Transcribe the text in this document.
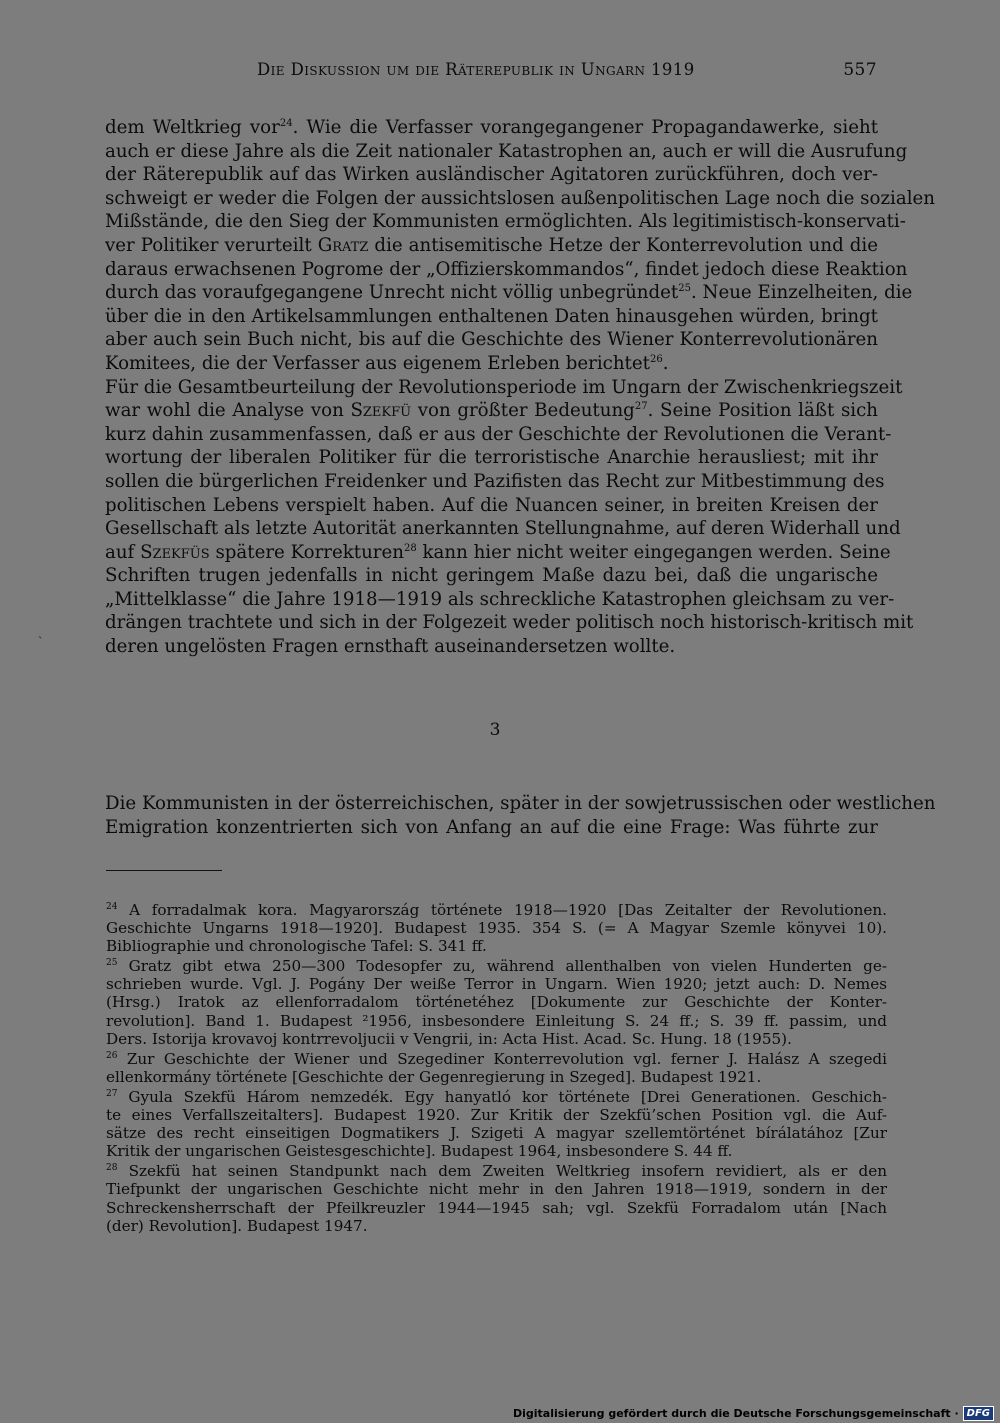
Die Diskussion um die Räterepublik in Ungarn 1919	557
dem Weltkrieg vor$^{24}$. Wie die Verfasser vorangegangener Propagandawerke, sieht
auch er diese Jahre als die Zeit nationaler Katastrophen an, auch er will die Ausrufung
der Räterepublik auf das Wirken ausländischer Agitatoren zurückführen, doch ver-
schweigt er weder die Folgen der aussichtslosen außenpolitischen Lage noch die sozialen
Mißstände, die den Sieg der Kommunisten ermöglichten. Als legitimistisch-konservati-
ver Politiker verurteilt Gratz die antisemitische Hetze der Konterrevolution und die
daraus erwachsenen Pogrome der „Offizierskommandos“, findet jedoch diese Reaktion
durch das voraufgegangene Unrecht nicht völlig unbegründet$^{25}$. Neue Einzelheiten, die
über die in den Artikelsammlungen enthaltenen Daten hinausgehen würden, bringt
aber auch sein Buch nicht, bis auf die Geschichte des Wiener Konterrevolutionären
Komitees, die der Verfasser aus eigenem Erleben berichtet$^{26}$.
Für die Gesamtbeurteilung der Revolutionsperiode im Ungarn der Zwischenkriegszeit
war wohl die Analyse von Szekfü von größter Bedeutung$^{27}$. Seine Position läßt sich
kurz dahin zusammenfassen, daß er aus der Geschichte der Revolutionen die Verant-
wortung der liberalen Politiker für die terroristische Anarchie herausliest; mit ihr
sollen die bürgerlichen Freidenker und Pazifisten das Recht zur Mitbestimmung des
politischen Lebens verspielt haben. Auf die Nuancen seiner, in breiten Kreisen der
Gesellschaft als letzte Autorität anerkannten Stellungnahme, auf deren Widerhall und
auf Szekfüs spätere Korrekturen$^{28}$ kann hier nicht weiter eingegangen werden. Seine
Schriften trugen jedenfalls in nicht geringem Maße dazu bei, daß die ungarische
„Mittelklasse“ die Jahre 1918—1919 als schreckliche Katastrophen gleichsam zu ver-
drängen trachtete und sich in der Folgezeit weder politisch noch historisch-kritisch mit
deren ungelösten Fragen ernsthaft auseinandersetzen wollte.
3
Die Kommunisten in der österreichischen, später in der sowjetrussischen oder westlichen
Emigration konzentrierten sich von Anfang an auf die eine Frage: Was führte zur
$^{24}$ A forradalmak kora. Magyarország története 1918—1920 [Das Zeitalter der Revolutionen.
Geschichte Ungarns 1918—1920]. Budapest 1935. 354 S. (= A Magyar Szemle könyvei 10).
Bibliographie und chronologische Tafel: S. 341 ff.
$^{25}$ Gratz gibt etwa 250—300 Todesopfer zu, während allenthalben von vielen Hunderten ge-
schrieben wurde. Vgl. J. Pogány Der weiße Terror in Ungarn. Wien 1920; jetzt auch: D. Nemes
(Hrsg.) Iratok az ellenforradalom történetéhez [Dokumente zur Geschichte der Konter-
revolution]. Band 1. Budapest ²1956, insbesondere Einleitung S. 24 ff.; S. 39 ff. passim, und
Ders. Istorija krovavoj kontrrevoljucii v Vengrii, in: Acta Hist. Acad. Sc. Hung. 18 (1955).
$^{26}$ Zur Geschichte der Wiener und Szegediner Konterrevolution vgl. ferner J. Halász A szegedi
ellenkormány története [Geschichte der Gegenregierung in Szeged]. Budapest 1921.
$^{27}$ Gyula Szekfü Három nemzedék. Egy hanyatló kor története [Drei Generationen. Geschich-
te eines Verfallszeitalters]. Budapest 1920. Zur Kritik der Szekfü’schen Position vgl. die Auf-
sätze des recht einseitigen Dogmatikers J. Szigeti A magyar szellemtörténet bírálatához [Zur
Kritik der ungarischen Geistesgeschichte]. Budapest 1964, insbesondere S. 44 ff.
$^{28}$ Szekfü hat seinen Standpunkt nach dem Zweiten Weltkrieg insofern revidiert, als er den
Tiefpunkt der ungarischen Geschichte nicht mehr in den Jahren 1918—1919, sondern in der
Schreckensherrschaft der Pfeilkreuzler 1944—1945 sah; vgl. Szekfü Forradalom után [Nach
(der) Revolution]. Budapest 1947.
ˎ
Digitalisierung gefördert durch die Deutsche Forschungsgemeinschaft · DFG
